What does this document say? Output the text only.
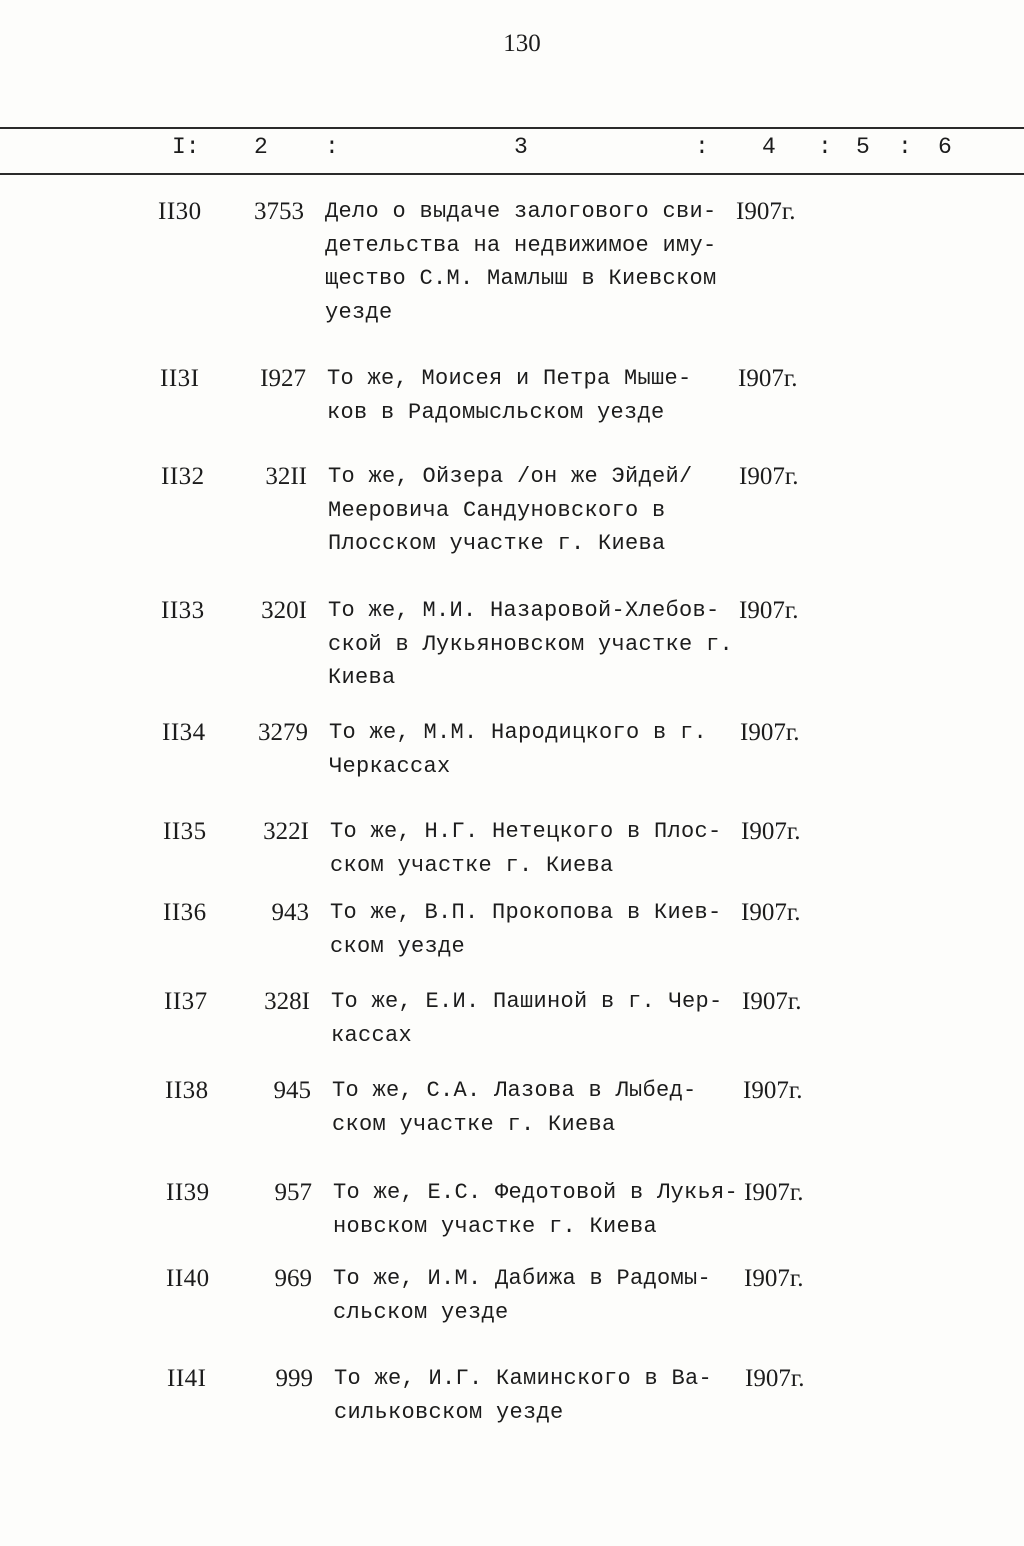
130
I: 2 :	3	: 4 : 5 : 6
II30	3753 Дело о выдаче залогового сви-
детельства на недвижимое иму-
щество С.М. Мамлыш в Киевском
уезде
I907г.
II3I	I927 То же, Моисея и Петра Мыше-
ков в Радомысльском уезде
I907г.
II32	32II То же, Ойзера /он же Эйдей/
Мееровича Сандуновского в
Плосском участке г. Киева
I907г.
II33	320I То же, М.И. Назаровой-Хлебов-
ской в Лукьяновском участке г.
Киева
I907г.
II34	3279 То же, М.М. Народицкого в г.
Черкассах
I907г.
II35	322I То же, Н.Г. Нетецкого в Плос-
ском участке г. Киева
I907г.
II36	943 То же, В.П. Прокопова в Киев-
ском уезде
I907г.
II37	328I То же, Е.И. Пашиной в г. Чер-
кассах
I907г.
II38	945 То же, С.А. Лазова в Лыбед-
ском участке г. Киева
I907г.
II39	957 То же, Е.С. Федотовой в Лукья-
новском участке г. Киева
I907г.
II40	969 То же, И.М. Дабижа в Радомы-
сльском уезде
I907г.
II4I	999 То же, И.Г. Каминского в Ва-
сильковском уезде
I907г.
